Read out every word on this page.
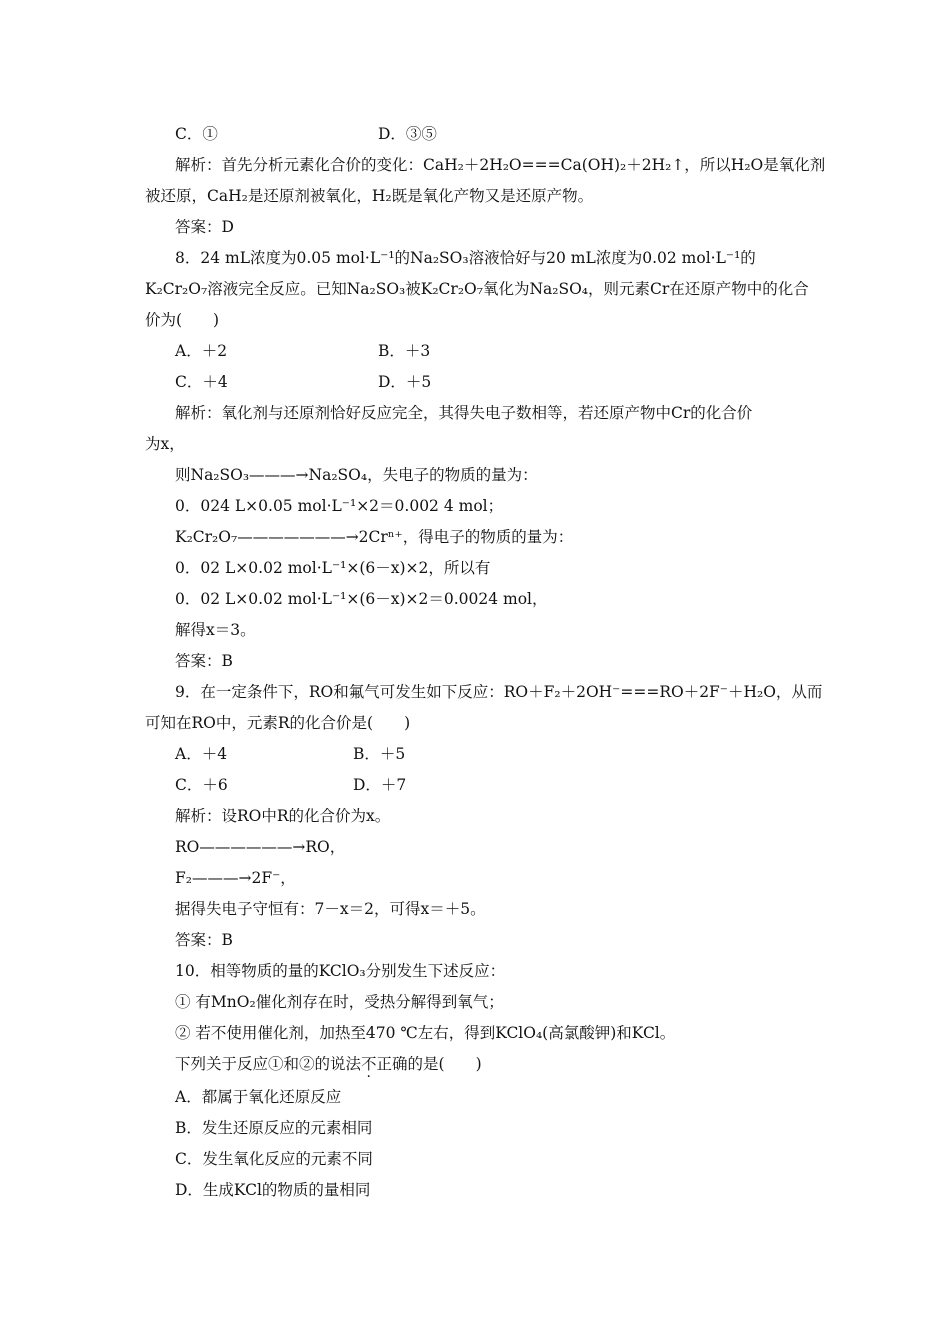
C．①	D．③⑤
解析：首先分析元素化合价的变化：CaH₂＋2H₂O===Ca(OH)₂＋2H₂↑，所以H₂O是氧化剂
被还原，CaH₂是还原剂被氧化，H₂既是氧化产物又是还原产物。
答案：D
8．24 mL浓度为0.05 mol·L⁻¹的Na₂SO₃溶液恰好与20 mL浓度为0.02 mol·L⁻¹的
K₂Cr₂O₇溶液完全反应。已知Na₂SO₃被K₂Cr₂O₇氧化为Na₂SO₄，则元素Cr在还原产物中的化合
价为(　　)
A．＋2	B．＋3
C．＋4	D．＋5
解析：氧化剂与还原剂恰好反应完全，其得失电子数相等，若还原产物中Cr的化合价
为x，
则Na₂SO₃———→Na₂SO₄，失电子的物质的量为：
0．024 L×0.05 mol·L⁻¹×2＝0.002 4 mol；
K₂Cr₂O₇———————→2Crⁿ⁺，得电子的物质的量为：
0．02 L×0.02 mol·L⁻¹×(6－x)×2，所以有
0．02 L×0.02 mol·L⁻¹×(6－x)×2＝0.0024 mol，
解得x＝3。
答案：B
9．在一定条件下，RO和氟气可发生如下反应：RO＋F₂＋2OH⁻===RO＋2F⁻＋H₂O，从而
可知在RO中，元素R的化合价是(　　)
A．＋4	B．＋5
C．＋6	D．＋7
解析：设RO中R的化合价为x。
RO——————→RO，
F₂———→2F⁻，
据得失电子守恒有：7－x＝2，可得x＝＋5。
答案：B
10．相等物质的量的KClO₃分别发生下述反应：
① 有MnO₂催化剂存在时，受热分解得到氧气；
② 若不使用催化剂，加热至470 ℃左右，得到KClO₄(高氯酸钾)和KCl。
下列关于反应①和②的说法不正确的是(　　)
A．都属于氧化还原反应
B．发生还原反应的元素相同
C．发生氧化反应的元素不同
D．生成KCl的物质的量相同
